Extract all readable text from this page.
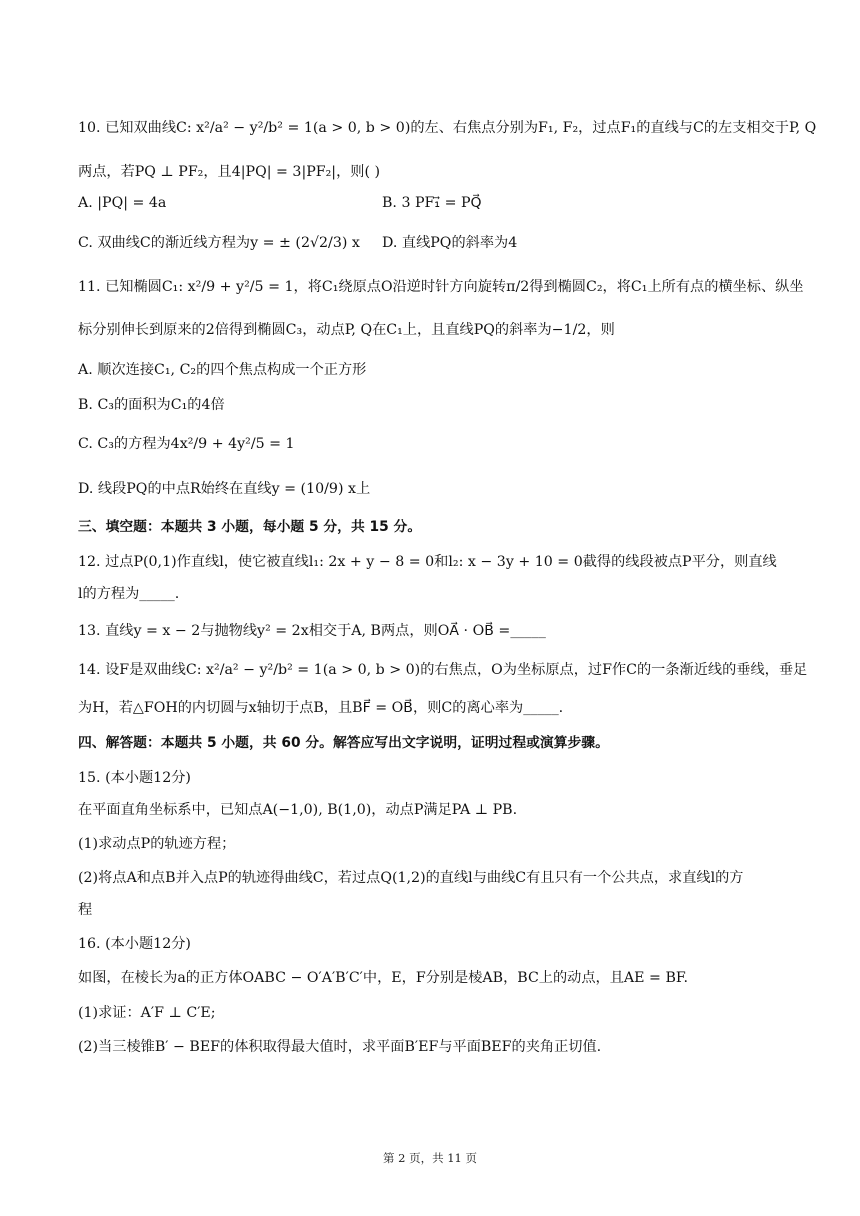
10. 已知双曲线C: x²/a² − y²/b² = 1(a > 0, b > 0)的左、右焦点分别为F₁, F₂，过点F₁的直线与C的左支相交于P, Q
两点，若PQ ⊥ PF₂，且4|PQ| = 3|PF₂|，则( )
A. |PQ| = 4a	B. 3 PF₁⃗ = PQ⃗
C. 双曲线C的渐近线方程为y = ± (2√2/3) x	D. 直线PQ的斜率为4
11. 已知椭圆C₁: x²/9 + y²/5 = 1，将C₁绕原点O沿逆时针方向旋转π/2得到椭圆C₂，将C₁上所有点的横坐标、纵坐
标分别伸长到原来的2倍得到椭圆C₃，动点P, Q在C₁上，且直线PQ的斜率为−1/2，则
A. 顺次连接C₁, C₂的四个焦点构成一个正方形
B. C₃的面积为C₁的4倍
C. C₃的方程为4x²/9 + 4y²/5 = 1
D. 线段PQ的中点R始终在直线y = (10/9) x上
三、填空题：本题共 3 小题，每小题 5 分，共 15 分。
12. 过点P(0,1)作直线l，使它被直线l₁: 2x + y − 8 = 0和l₂: x − 3y + 10 = 0截得的线段被点P平分，则直线
l的方程为_____.
13. 直线y = x − 2与抛物线y² = 2x相交于A, B两点，则OA⃗ · OB⃗ =_____
14. 设F是双曲线C: x²/a² − y²/b² = 1(a > 0, b > 0)的右焦点，O为坐标原点，过F作C的一条渐近线的垂线，垂足
为H，若△FOH的内切圆与x轴切于点B，且BF⃗ = OB⃗，则C的离心率为_____.
四、解答题：本题共 5 小题，共 60 分。解答应写出文字说明，证明过程或演算步骤。
15. (本小题12分)
在平面直角坐标系中，已知点A(−1,0), B(1,0)，动点P满足PA ⊥ PB.
(1)求动点P的轨迹方程；
(2)将点A和点B并入点P的轨迹得曲线C，若过点Q(1,2)的直线l与曲线C有且只有一个公共点，求直线l的方
程
16. (本小题12分)
如图，在棱长为a的正方体OABC − O′A′B′C′中，E，F分别是棱AB，BC上的动点，且AE = BF.
(1)求证：A′F ⊥ C′E;
(2)当三棱锥B′ − BEF的体积取得最大值时，求平面B′EF与平面BEF的夹角正切值.
第 2 页，共 11 页
